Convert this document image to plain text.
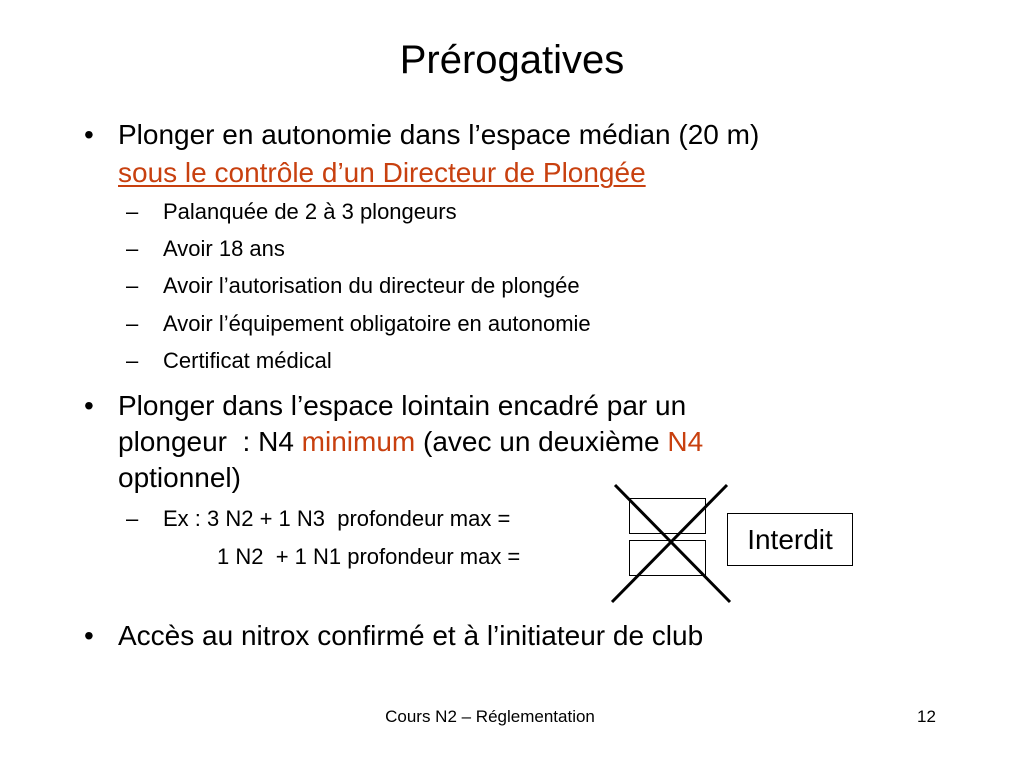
Prérogatives
• Plonger en autonomie dans l’espace médian (20 m)
sous le contrôle d’un Directeur de Plongée
– Palanquée de 2 à 3 plongeurs
– Avoir 18 ans
– Avoir l’autorisation du directeur de plongée
– Avoir l’équipement obligatoire en autonomie
– Certificat médical
• Plonger dans l’espace lointain encadré par un
plongeur  : N4 minimum (avec un deuxième N4
optionnel)
– Ex : 3 N2 + 1 N3  profondeur max =
1 N2  + 1 N1 profondeur max =
Interdit
• Accès au nitrox confirmé et à l’initiateur de club
Cours N2 – Réglementation	12
